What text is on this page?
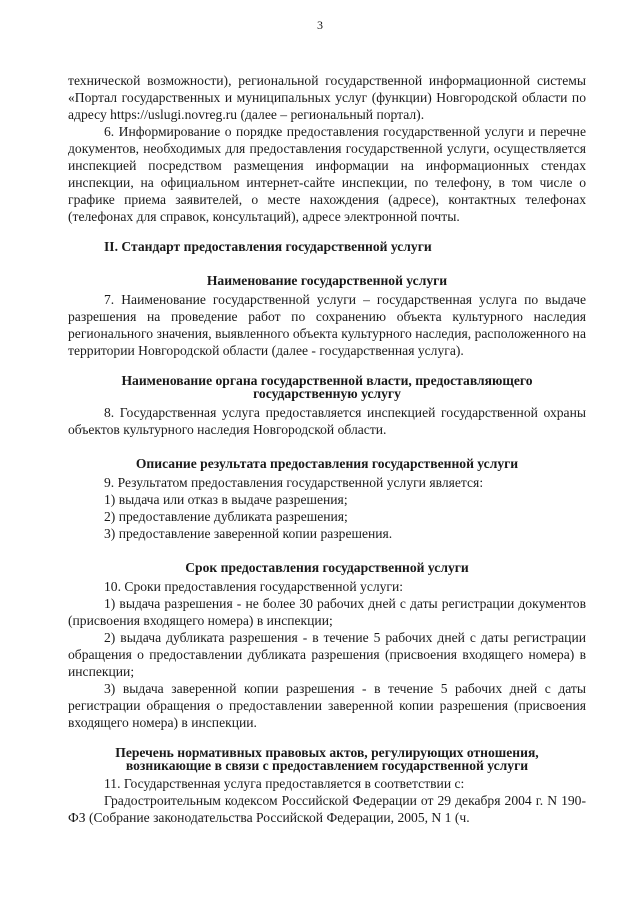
3

технической возможности), региональной государственной информационной системы «Портал государственных и муниципальных услуг (функции) Новгородской области по адресу https://uslugi.novreg.ru (далее – региональный портал).

6. Информирование о порядке предоставления государственной услуги и перечне документов, необходимых для предоставления государственной услуги, осуществляется инспекцией посредством размещения информации на информационных стендах инспекции, на официальном интернет-сайте инспекции, по телефону, в том числе о графике приема заявителей, о месте нахождения (адресе), контактных телефонах (телефонах для справок, консультаций), адресе электронной почты.

II. Стандарт предоставления государственной услуги
Наименование государственной услуги

7. Наименование государственной услуги – государственная услуга по выдаче разрешения на проведение работ по сохранению объекта культурного наследия регионального значения, выявленного объекта культурного наследия, расположенного на территории Новгородской области (далее - государственная услуга).

Наименование органа государственной власти, предоставляющего
государственную услугу

8. Государственная услуга предоставляется инспекцией государственной охраны объектов культурного наследия Новгородской области.

Описание результата предоставления государственной услуги

9. Результатом предоставления государственной услуги является:

1) выдача или отказ в выдаче разрешения;

2) предоставление дубликата разрешения;

3) предоставление заверенной копии разрешения.

Срок предоставления государственной услуги

10. Сроки предоставления государственной услуги:

1) выдача разрешения - не более 30 рабочих дней с даты регистрации документов (присвоения входящего номера) в инспекции;

2) выдача дубликата разрешения - в течение 5 рабочих дней с даты регистрации обращения о предоставлении дубликата разрешения (присвоения входящего номера) в инспекции;

3) выдача заверенной копии разрешения - в течение 5 рабочих дней с даты регистрации обращения о предоставлении заверенной копии разрешения (присвоения входящего номера) в инспекции.

Перечень нормативных правовых актов, регулирующих отношения,
возникающие в связи с предоставлением государственной услуги

11. Государственная услуга предоставляется в соответствии с:

Градостроительным кодексом Российской Федерации от 29 декабря 2004 г. N 190-ФЗ (Собрание законодательства Российской Федерации, 2005, N 1 (ч.
